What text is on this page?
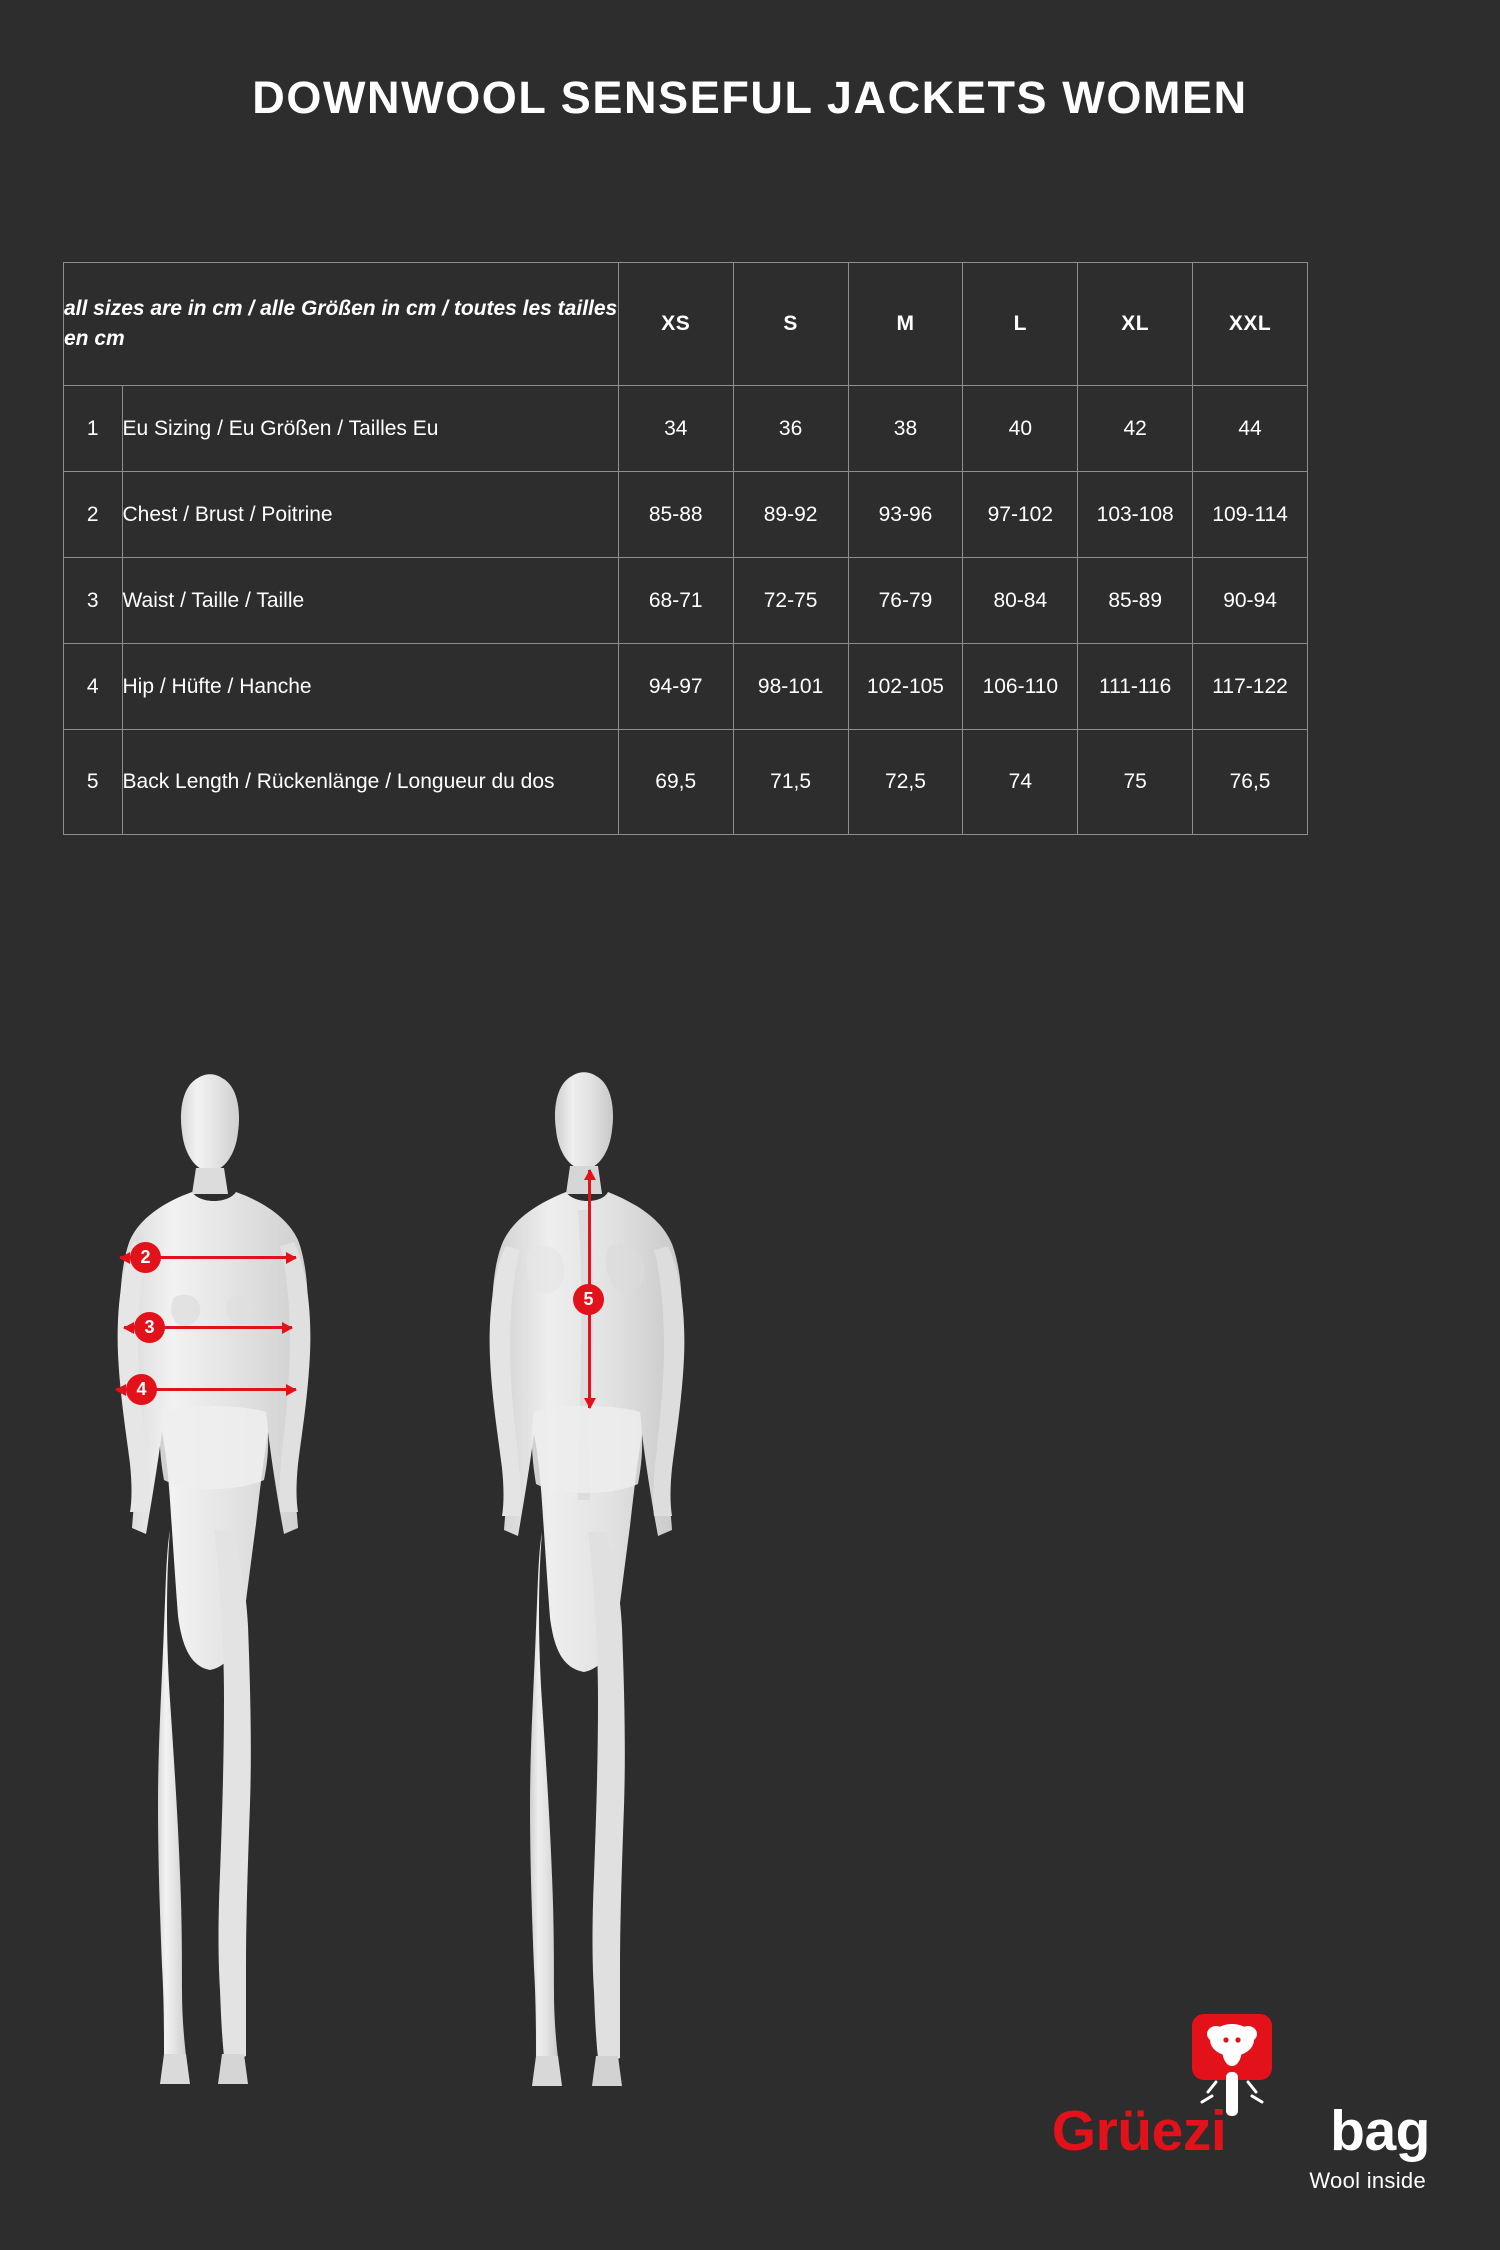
DOWNWOOL SENSEFUL JACKETS WOMEN
all sizes are in cm / alle Größen in cm / toutes les tailles en cm		XS	S	M	L	XL	XXL
1	Eu Sizing / Eu Größen / Tailles Eu	34	36	38	40	42	44
2	Chest / Brust / Poitrine	85-88	89-92	93-96	97-102	103-108	109-114
3	Waist / Taille / Taille	68-71	72-75	76-79	80-84	85-89	90-94
4	Hip / Hüfte / Hanche	94-97	98-101	102-105	106-110	111-116	117-122
5	Back Length / Rückenlänge / Longueur du dos	69,5	71,5	72,5	74	75	76,5
2
3
4
5
Grüezi bag
Wool inside
